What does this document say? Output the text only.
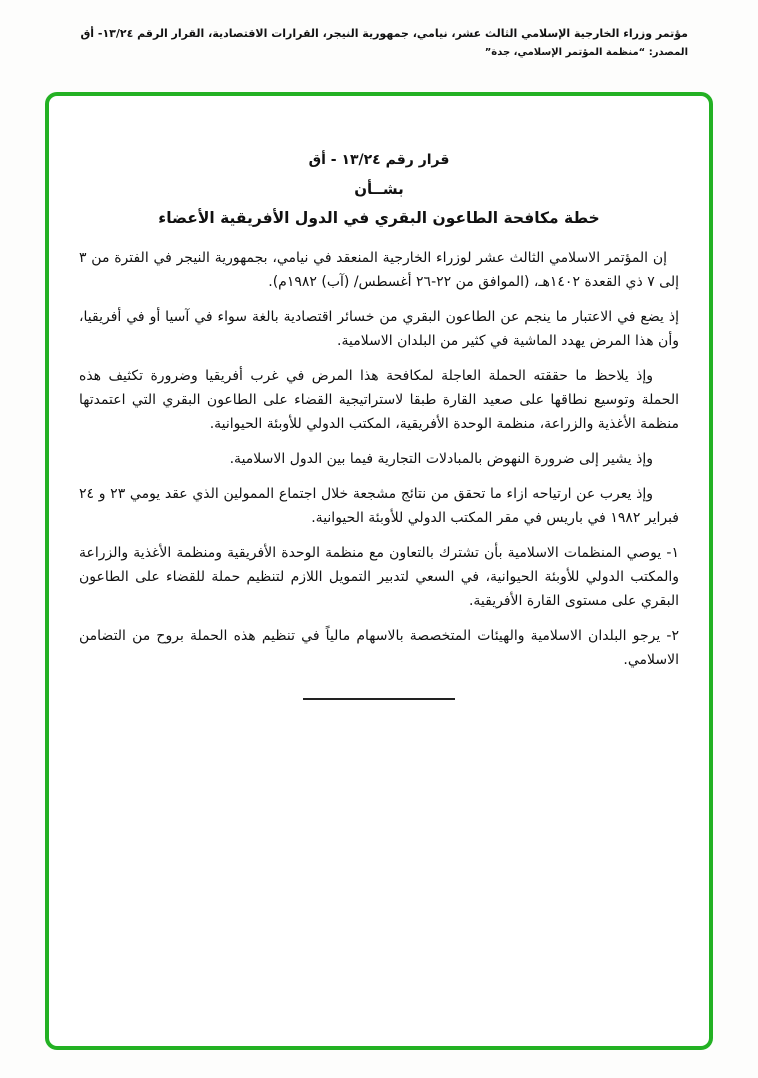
مؤتمر وزراء الخارجية الإسلامي الثالث عشر، نيامي، جمهورية النيجر، القرارات الاقتصادية، القرار الرقم ١٣/٢٤- أق
المصدر: “منظمة المؤتمر الإسلامي، جدة”
قرار رقم ١٣/٢٤ - أق
بشــأن
خطة مكافحة الطاعون البقري في الدول الأفريقية الأعضاء

إن المؤتمر الاسلامي الثالث عشر لوزراء الخارجية المنعقد في نيامي، بجمهورية النيجر في الفترة من ٣ إلى ٧ ذي القعدة ١٤٠٢هـ، (الموافق من ٢٢-٢٦ أغسطس/ (آب) ١٩٨٢م).

إذ يضع في الاعتبار ما ينجم عن الطاعون البقري من خسائر اقتصادية بالغة سواء في آسيا أو في أفريقيا، وأن هذا المرض يهدد الماشية في كثير من البلدان الاسلامية.

وإذ يلاحظ ما حققته الحملة العاجلة لمكافحة هذا المرض في غرب أفريقيا وضرورة تكثيف هذه الحملة وتوسيع نطاقها على صعيد القارة طبقا لاستراتيجية القضاء على الطاعون البقري التي اعتمدتها منظمة الأغذية والزراعة، منظمة الوحدة الأفريقية، المكتب الدولي للأوبئة الحيوانية.

وإذ يشير إلى ضرورة النهوض بالمبادلات التجارية فيما بين الدول الاسلامية.

وإذ يعرب عن ارتياحه ازاء ما تحقق من نتائج مشجعة خلال اجتماع الممولين الذي عقد يومي ٢٣ و ٢٤ فبراير ١٩٨٢ في باريس في مقر المكتب الدولي للأوبئة الحيوانية.

١- يوصي المنظمات الاسلامية بأن تشترك بالتعاون مع منظمة الوحدة الأفريقية ومنظمة الأغذية والزراعة والمكتب الدولي للأوبئة الحيوانية، في السعي لتدبير التمويل اللازم لتنظيم حملة للقضاء على الطاعون البقري على مستوى القارة الأفريقية.

٢- يرجو البلدان الاسلامية والهيئات المتخصصة بالاسهام مالياً في تنظيم هذه الحملة بروح من التضامن الاسلامي.
